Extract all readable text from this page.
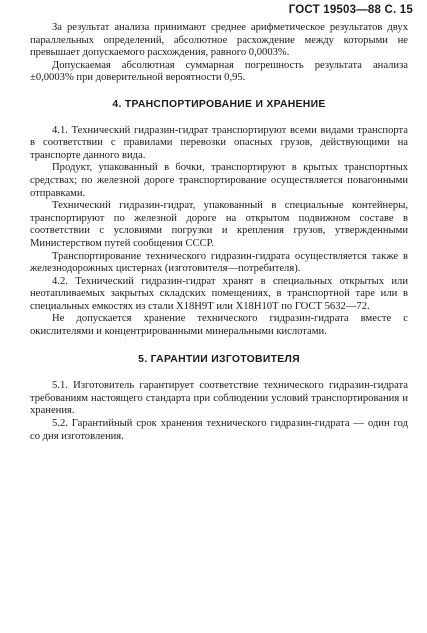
ГОСТ 19503—88 С. 15

За результат анализа принимают среднее арифметическое результатов двух параллельных определений, абсолютное расхождение между которыми не превышает допускаемого расхождения, равного 0,0003%.

Допускаемая абсолютная суммарная погрешность результата анализа ±0,0003% при доверительной вероятности 0,95.

4. ТРАНСПОРТИРОВАНИЕ И ХРАНЕНИЕ

4.1. Технический гидразин-гидрат транспортируют всеми видами транспорта в соответствии с правилами перевозки опасных грузов, действующими на транспорте данного вида.

Продукт, упакованный в бочки, транспортируют в крытых транспортных средствах; по железной дороге транспортирование осуществляется повагонными отправками.

Технический гидразин-гидрат, упакованный в специальные контейнеры, транспортируют по железной дороге на открытом подвижном составе в соответствии с условиями погрузки и крепления грузов, утвержденными Министерством путей сообщения СССР.

Транспортирование технического гидразин-гидрата осуществляется также в железнодорожных цистернах (изготовителя—потребителя).

4.2. Технический гидразин-гидрат хранят в специальных открытых или неотапливаемых закрытых складских помещениях, в транспортной таре или в специальных емкостях из стали Х18Н9Т или Х18Н10Т по ГОСТ 5632—72.

Не допускается хранение технического гидразин-гидрата вместе с окислителями и концентрированными минеральными кислотами.

5. ГАРАНТИИ ИЗГОТОВИТЕЛЯ

5.1. Изготовитель гарантирует соответствие технического гидразин-гидрата требованиям настоящего стандарта при соблюдении условий транспортирования и хранения.

5.2. Гарантийный срок хранения технического гидразин-гидрата — один год со дня изготовления.
